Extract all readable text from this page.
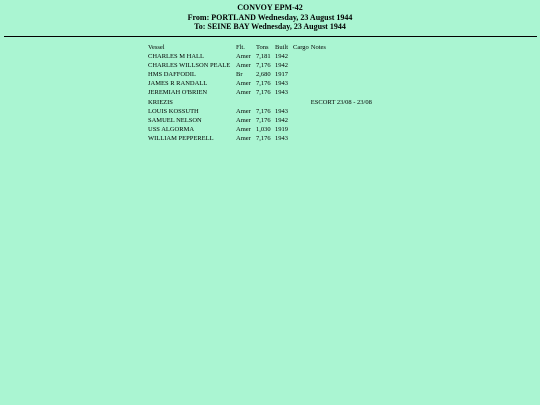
CONVOY EPM-42
From: PORTLAND Wednesday, 23 August 1944
To: SEINE BAY Wednesday, 23 August 1944
Vessel	Flt.	Tons	Built	Cargo	Notes
CHARLES M HALL	Amer	7,181	1942		
CHARLES WILLSON PEALE	Amer	7,176	1942		
HMS DAFFODIL	Br	2,680	1917		
JAMES R RANDALL	Amer	7,176	1943		
JEREMIAH O'BRIEN	Amer	7,176	1943		
KRIEZIS					ESCORT 23/08 - 23/08
LOUIS KOSSUTH	Amer	7,176	1943		
SAMUEL NELSON	Amer	7,176	1942		
USS ALGORMA	Amer	1,030	1919		
WILLIAM PEPPERELL	Amer	7,176	1943		
